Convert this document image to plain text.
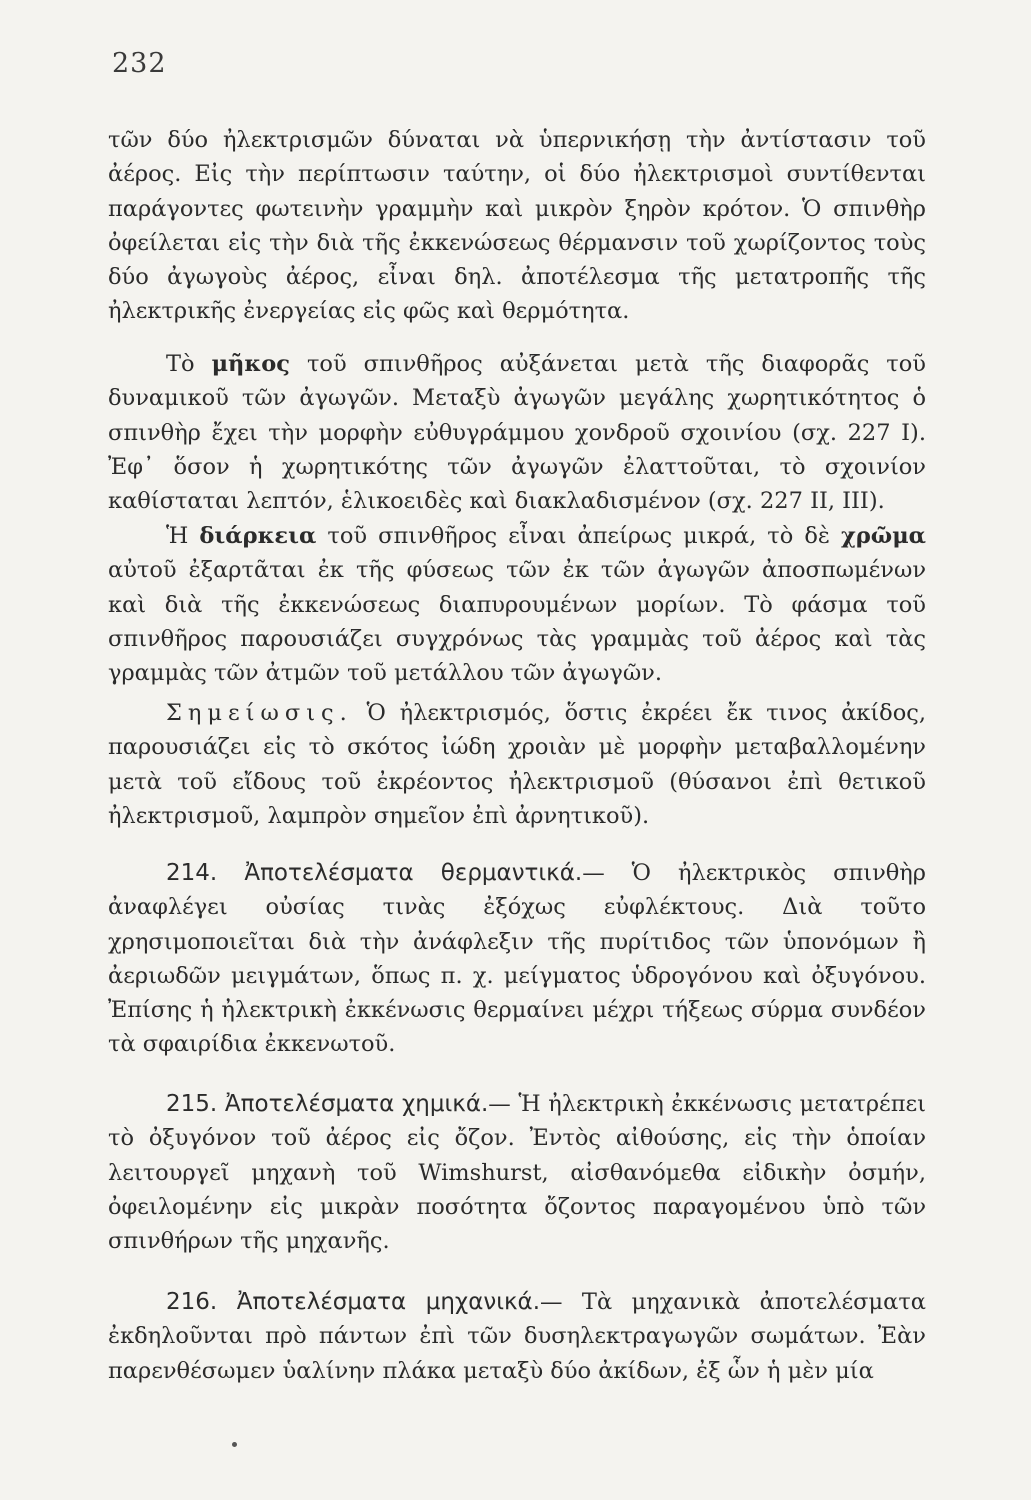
232

τῶν δύο ἠλεκτρισμῶν δύναται νὰ ὑπερνικήσῃ τὴν ἀντίστασιν τοῦ ἀέρος. Εἰς τὴν περίπτωσιν ταύτην, οἱ δύο ἠλεκτρισμοὶ συντίθενται παράγοντες φωτεινὴν γραμμὴν καὶ μικρὸν ξηρὸν κρότον. Ὁ σπινθὴρ ὀφείλεται εἰς τὴν διὰ τῆς ἐκκενώσεως θέρμανσιν τοῦ χωρίζοντος τοὺς δύο ἀγωγοὺς ἀέρος, εἶναι δηλ. ἀποτέλεσμα τῆς μετατροπῆς τῆς ἠλεκτρικῆς ἐνεργείας εἰς φῶς καὶ θερμότητα.

Τὸ μῆκος τοῦ σπινθῆρος αὐξάνεται μετὰ τῆς διαφορᾶς τοῦ δυναμικοῦ τῶν ἀγωγῶν. Μεταξὺ ἀγωγῶν μεγάλης χωρητικότητος ὁ σπινθὴρ ἔχει τὴν μορφὴν εὐθυγράμμου χονδροῦ σχοινίου (σχ. 227 I). Ἐφ᾽ ὅσον ἡ χωρητικότης τῶν ἀγωγῶν ἐλαττοῦται, τὸ σχοινίον καθίσταται λεπτόν, ἑλικοειδὲς καὶ διακλαδισμένον (σχ. 227 II, III).

Ἡ διάρκεια τοῦ σπινθῆρος εἶναι ἀπείρως μικρά, τὸ δὲ χρῶμα αὐτοῦ ἐξαρτᾶται ἐκ τῆς φύσεως τῶν ἐκ τῶν ἀγωγῶν ἀποσπωμένων καὶ διὰ τῆς ἐκκενώσεως διαπυρουμένων μορίων. Τὸ φάσμα τοῦ σπινθῆρος παρουσιάζει συγχρόνως τὰς γραμμὰς τοῦ ἀέρος καὶ τὰς γραμμὰς τῶν ἀτμῶν τοῦ μετάλλου τῶν ἀγωγῶν.

Σημείωσις. Ὁ ἠλεκτρισμός, ὅστις ἐκρέει ἔκ τινος ἀκίδος, παρουσιάζει εἰς τὸ σκότος ἰώδη χροιὰν μὲ μορφὴν μεταβαλλομένην μετὰ τοῦ εἴδους τοῦ ἐκρέοντος ἠλεκτρισμοῦ (θύσανοι ἐπὶ θετικοῦ ἠλεκτρισμοῦ, λαμπρὸν σημεῖον ἐπὶ ἀρνητικοῦ).

214. Ἀποτελέσματα θερμαντικά.— Ὁ ἠλεκτρικὸς σπινθὴρ ἀναφλέγει οὐσίας τινὰς ἐξόχως εὐφλέκτους. Διὰ τοῦτο χρησιμοποιεῖται διὰ τὴν ἀνάφλεξιν τῆς πυρίτιδος τῶν ὑπονόμων ἢ ἀεριωδῶν μειγμάτων, ὅπως π. χ. μείγματος ὑδρογόνου καὶ ὀξυγόνου. Ἐπίσης ἡ ἠλεκτρικὴ ἐκκένωσις θερμαίνει μέχρι τήξεως σύρμα συνδέον τὰ σφαιρίδια ἐκκενωτοῦ.

215. Ἀποτελέσματα χημικά.— Ἡ ἠλεκτρικὴ ἐκκένωσις μετατρέπει τὸ ὀξυγόνον τοῦ ἀέρος εἰς ὄζον. Ἐντὸς αἰθούσης, εἰς τὴν ὁποίαν λειτουργεῖ μηχανὴ τοῦ Wimshurst, αἰσθανόμεθα εἰδικὴν ὀσμήν, ὀφειλομένην εἰς μικρὰν ποσότητα ὄζοντος παραγομένου ὑπὸ τῶν σπινθήρων τῆς μηχανῆς.

216. Ἀποτελέσματα μηχανικά.— Τὰ μηχανικὰ ἀποτελέσματα ἐκδηλοῦνται πρὸ πάντων ἐπὶ τῶν δυσηλεκτραγωγῶν σωμάτων. Ἐὰν παρενθέσωμεν ὑαλίνην πλάκα μεταξὺ δύο ἀκίδων, ἐξ ὧν ἡ μὲν μία
